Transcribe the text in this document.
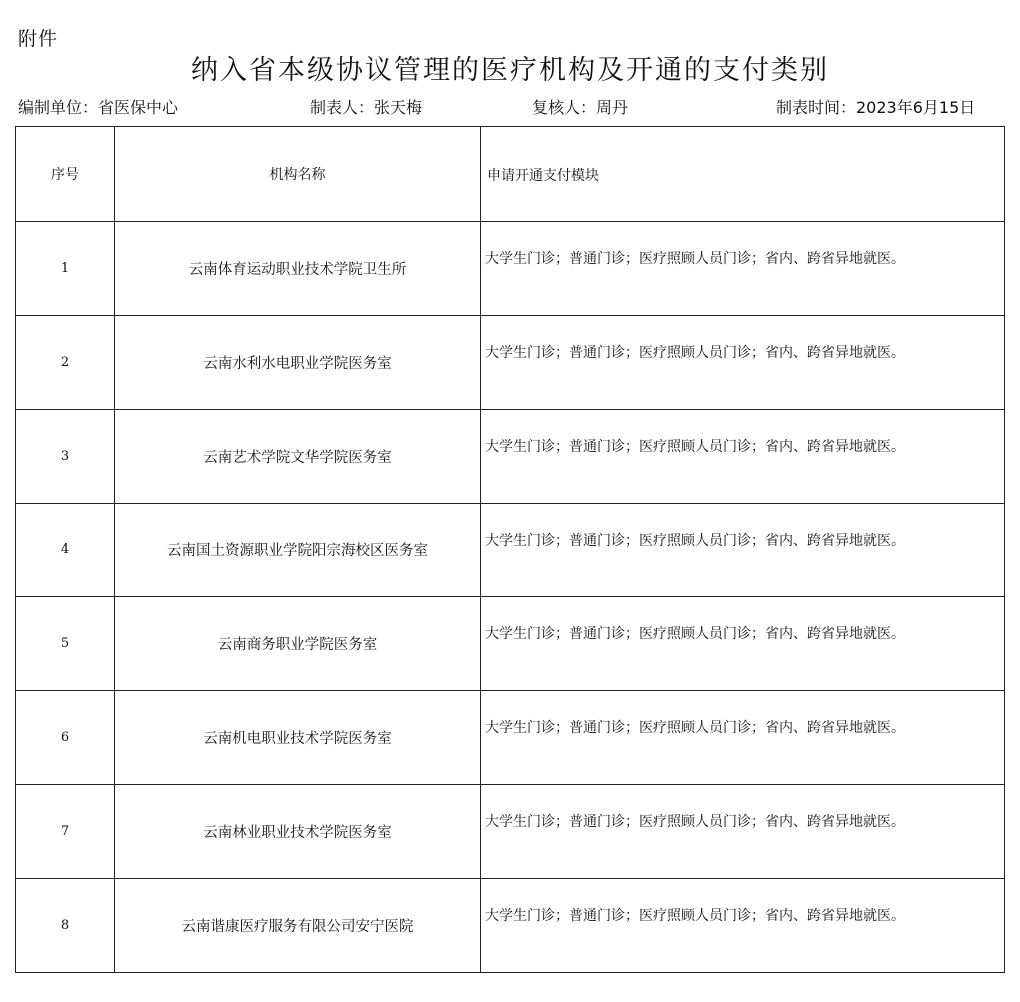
附件
纳入省本级协议管理的医疗机构及开通的支付类别
编制单位：省医保中心	制表人：张天梅	复核人：周丹	制表时间：2023年6月15日
序号	机构名称	申请开通支付模块
1	云南体育运动职业技术学院卫生所	大学生门诊；普通门诊；医疗照顾人员门诊；省内、跨省异地就医。
2	云南水利水电职业学院医务室	大学生门诊；普通门诊；医疗照顾人员门诊；省内、跨省异地就医。
3	云南艺术学院文华学院医务室	大学生门诊；普通门诊；医疗照顾人员门诊；省内、跨省异地就医。
4	云南国土资源职业学院阳宗海校区医务室	大学生门诊；普通门诊；医疗照顾人员门诊；省内、跨省异地就医。
5	云南商务职业学院医务室	大学生门诊；普通门诊；医疗照顾人员门诊；省内、跨省异地就医。
6	云南机电职业技术学院医务室	大学生门诊；普通门诊；医疗照顾人员门诊；省内、跨省异地就医。
7	云南林业职业技术学院医务室	大学生门诊；普通门诊；医疗照顾人员门诊；省内、跨省异地就医。
8	云南谐康医疗服务有限公司安宁医院	大学生门诊；普通门诊；医疗照顾人员门诊；省内、跨省异地就医。
